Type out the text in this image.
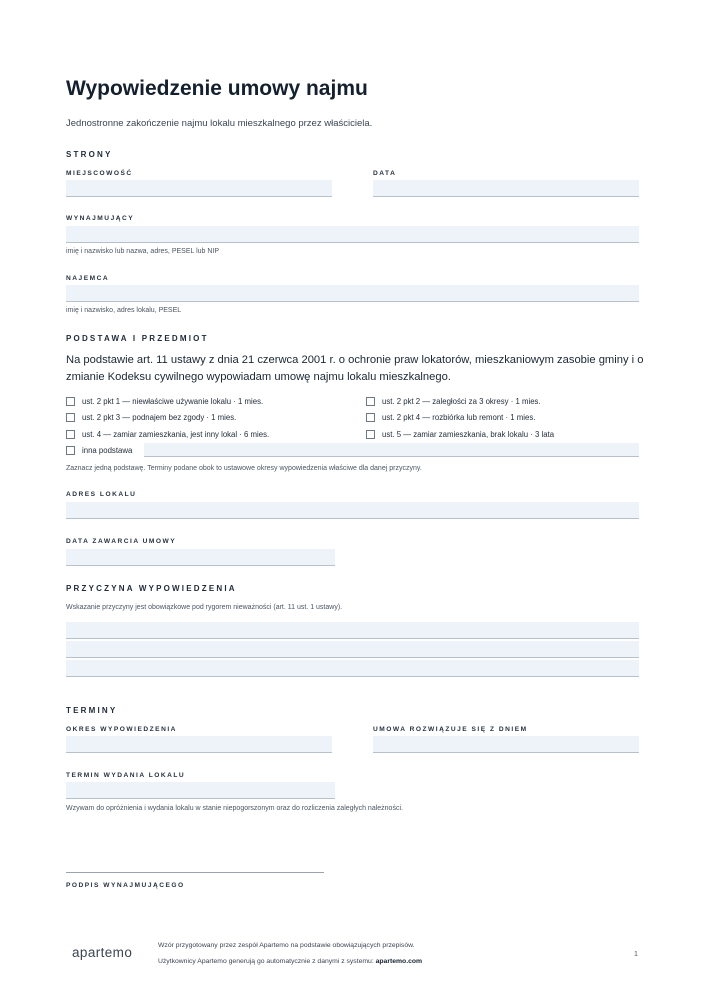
Wypowiedzenie umowy najmu
Jednostronne zakończenie najmu lokalu mieszkalnego przez właściciela.
STRONY
MIEJSCOWOŚĆ	DATA
WYNAJMUJĄCY
imię i nazwisko lub nazwa, adres, PESEL lub NIP
NAJEMCA
imię i nazwisko, adres lokalu, PESEL
PODSTAWA I PRZEDMIOT
Na podstawie art. 11 ustawy z dnia 21 czerwca 2001 r. o ochronie praw lokatorów, mieszkaniowym zasobie gminy i o zmianie Kodeksu cywilnego wypowiadam umowę najmu lokalu mieszkalnego.
ust. 2 pkt 1 — niewłaściwe używanie lokalu · 1 mies.	ust. 2 pkt 2 — zaległości za 3 okresy · 1 mies.
ust. 2 pkt 3 — podnajem bez zgody · 1 mies.	ust. 2 pkt 4 — rozbiórka lub remont · 1 mies.
ust. 4 — zamiar zamieszkania, jest inny lokal · 6 mies.	ust. 5 — zamiar zamieszkania, brak lokalu · 3 lata
inna podstawa
Zaznacz jedną podstawę. Terminy podane obok to ustawowe okresy wypowiedzenia właściwe dla danej przyczyny.
ADRES LOKALU
DATA ZAWARCIA UMOWY
PRZYCZYNA WYPOWIEDZENIA
Wskazanie przyczyny jest obowiązkowe pod rygorem nieważności (art. 11 ust. 1 ustawy).
TERMINY
OKRES WYPOWIEDZENIA	UMOWA ROZWIĄZUJE SIĘ Z DNIEM
TERMIN WYDANIA LOKALU
Wzywam do opróżnienia i wydania lokalu w stanie niepogorszonym oraz do rozliczenia zaległych należności.
PODPIS WYNAJMUJĄCEGO
apartemo	Wzór przygotowany przez zespół Apartemo na podstawie obowiązujących przepisów.
Użytkownicy Apartemo generują go automatycznie z danymi z systemu: apartemo.com
1
